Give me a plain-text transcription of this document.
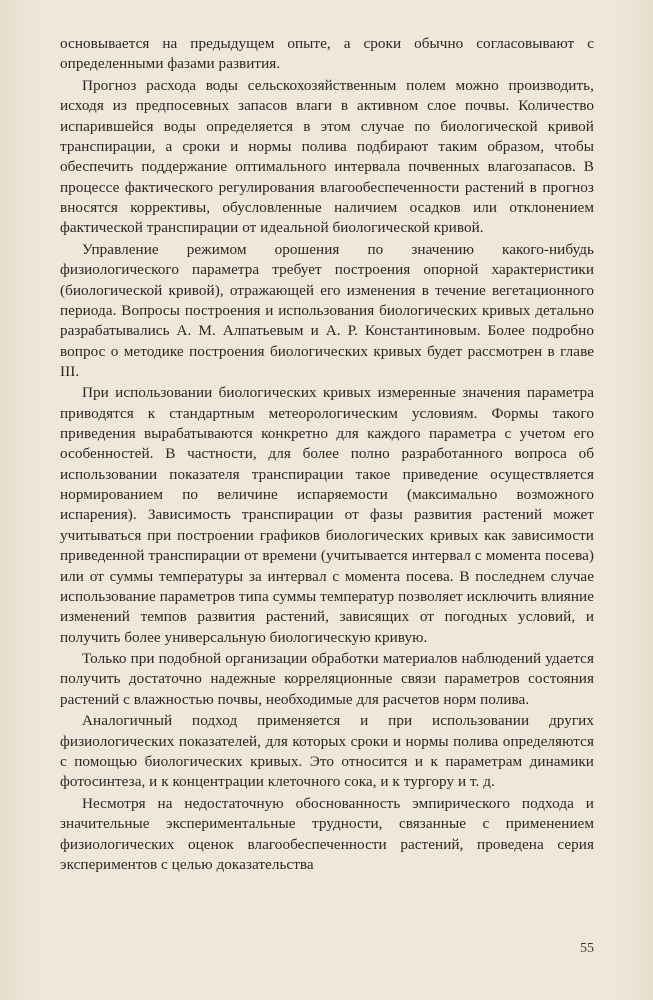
основывается на предыдущем опыте, а сроки обычно согласовывают с определенными фазами развития.

Прогноз расхода воды сельскохозяйственным полем можно производить, исходя из предпосевных запасов влаги в активном слое почвы. Количество испарившейся воды определяется в этом случае по биологической кривой транспирации, а сроки и нормы полива подбирают таким образом, чтобы обеспечить поддержание оптимального интервала почвенных влагозапасов. В процессе фактического регулирования влагообеспеченности растений в прогноз вносятся коррективы, обусловленные наличием осадков или отклонением фактической транспирации от идеальной биологической кривой.

Управление режимом орошения по значению какого-нибудь физиологического параметра требует построения опорной характеристики (биологической кривой), отражающей его изменения в течение вегетационного периода. Вопросы построения и использования биологических кривых детально разрабатывались А. М. Алпатьевым и А. Р. Константиновым. Более подробно вопрос о методике построения биологических кривых будет рассмотрен в главе III.

При использовании биологических кривых измеренные значения параметра приводятся к стандартным метеорологическим условиям. Формы такого приведения вырабатываются конкретно для каждого параметра с учетом его особенностей. В частности, для более полно разработанного вопроса об использовании показателя транспирации такое приведение осуществляется нормированием по величине испаряемости (максимально возможного испарения). Зависимость транспирации от фазы развития растений может учитываться при построении графиков биологических кривых как зависимости приведенной транспирации от времени (учитывается интервал с момента посева) или от суммы температуры за интервал с момента посева. В последнем случае использование параметров типа суммы температур позволяет исключить влияние изменений темпов развития растений, зависящих от погодных условий, и получить более универсальную биологическую кривую.

Только при подобной организации обработки материалов наблюдений удается получить достаточно надежные корреляционные связи параметров состояния растений с влажностью почвы, необходимые для расчетов норм полива.

Аналогичный подход применяется и при использовании других физиологических показателей, для которых сроки и нормы полива определяются с помощью биологических кривых. Это относится и к параметрам динамики фотосинтеза, и к концентрации клеточного сока, и к тургору и т. д.

Несмотря на недостаточную обоснованность эмпирического подхода и значительные экспериментальные трудности, связанные с применением физиологических оценок влагообеспеченности растений, проведена серия экспериментов с целью доказательства

55
